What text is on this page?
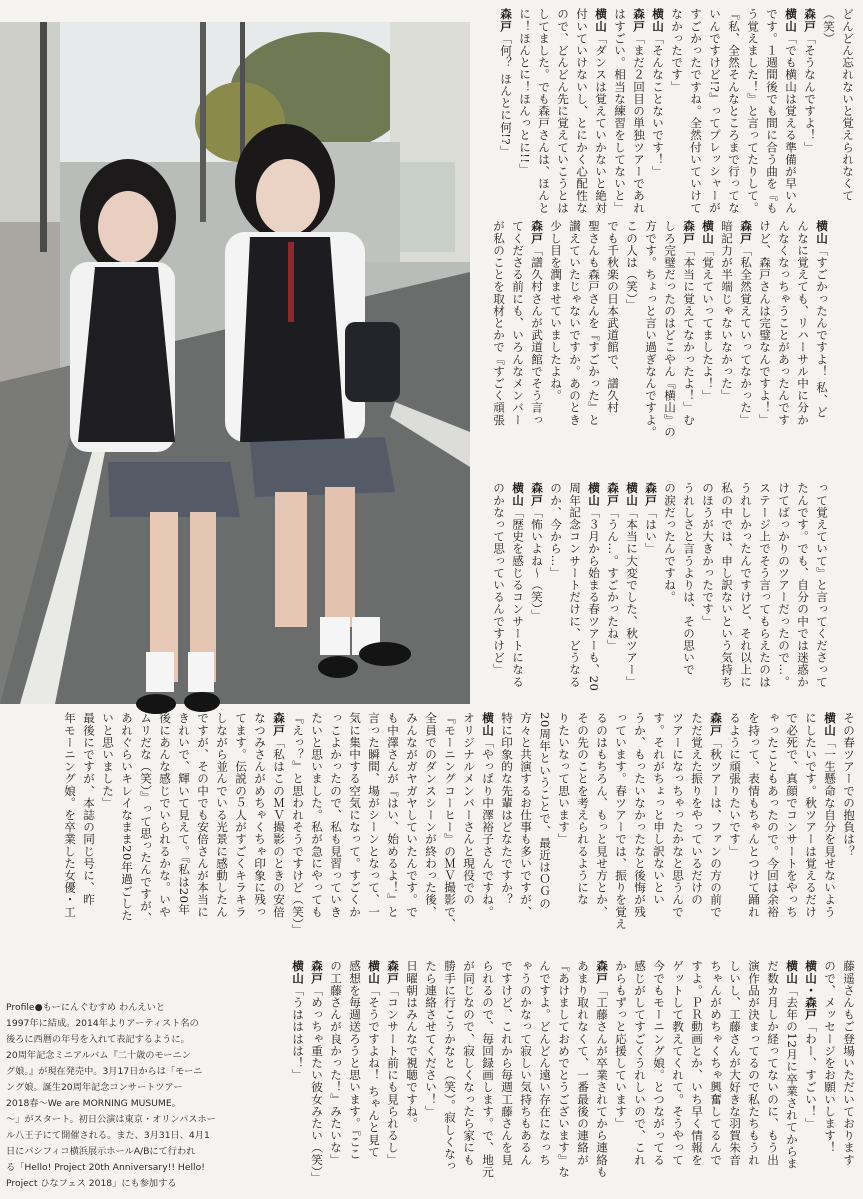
どんどん忘れないと覚えられなくて
（笑）
森戸「そうなんですよ！」
横山「でも横山は覚える準備が早いん
です。１週間後でも間に合う曲を『も
う覚えました！』と言ってたりして。
『私、全然そんなところまで行ってな
いんですけど!?』ってプレッシャーが
すごかったですね。全然付いていけて
なかったです」
横山「そんなことないです！」
森戸「まだ２回目の単独ツアーであれ
はすごい。相当な練習をしてないと」
横山「ダンスは覚えていかないと絶対
付いていけないし、とにかく心配性な
ので、どんどん先に覚えていこうとは
してました。でも森戸さんは、ほんと
に！ほんとに！ほんっとに!!」
森戸「何？ ほんとに何!?」
横山「すごかったんですよ！ 私、ど
んなに覚えても、リハーサル中に分か
んなくなっちゃうことがあったんです
けど、森戸さんは完璧なんですよ！」
森戸「私全然覚えていってなかった」
暗記力が半端じゃないなかった」
横山「覚えていってましたよ！」
森戸「本当に覚えてなかったよ！」む
しろ完璧だったのはどこやん『横山』の
方です。ちょっと言い過ぎなんですよ。
この人は（笑）」
でも千秋楽の日本武道館で、譜久村
聖さんも森戸さんを『すごかった』と
讃えていたじゃないですか。あのとき
少し目を潤ませていましたよね。
森戸「譜久村さんが武道館でそう言っ
てくださる前にも、いろんなメンバー
が私のことを取材とかで『すごく頑張
って覚えていて』と言ってくださって
たんです。でも、自分の中では迷惑か
けてばっかりのツアーだったので…。
ステージ上でそう言ってもらえたのは
うれしかったんですけど、それ以上に
私の中では、申し訳ないという気持ち
のほうが大きかったです」
うれしさと言うよりは、その思いで
の涙だったんですね。
森戸「はい」
横山「本当に大変でした、秋ツアー」
森戸「うん…。すごかったね」
横山「３月から始まる春ツアーも、20
周年記念コンサートだけに、どうなる
のか、今から…」
森戸「怖いよね〜（笑）」
横山「歴史を感じるコンサートになる
のかなって思っているんですけど」
その春ツアーでの抱負は？
横山「一生懸命な自分を見せないよう
にしたいです。秋ツアーは覚えるだけ
で必死で、真顔でコンサートをやっち
ゃったこともあったので。今回は余裕
を持って、表情もちゃんとつけて踊れ
るように頑張りたいです」
森戸「秋ツアーは、ファンの方の前で
ただ覚えた振りをやっているだけの
ツアーになっちゃったかなと思うんで
す。それがちょっと申し訳ないとい
うか、もったいなかったなと後悔が残
っています。春ツアーでは、振りを覚え
るのはもちろん、もっと見せ方とか、
その先のことを考えられるようにな
りたいなって思います」
20周年ということで、最近はＯＧの
方々と共演するお仕事も多いですが、
特に印象的な先輩はどなたですか？
横山「やっぱり中澤裕子さんですね。
オリジナルメンバーさんと現役での
『モーニングコーヒー』のＭＶ撮影で、
全員でのダンスシーンが終わった後、
みんながガヤガヤしていたんです。で
も中澤さんが『はい、始めるよ！』と
言った瞬間、場がシーンとなって、一
気に集中する空気になって。すごくか
っこよかったので、私も見習っていき
たいと思いました。私が急にやっても
『えっ？』と思われそうですけど（笑）」
森戸「私はこのＭＶ撮影のときの安倍
なつみさんがめちゃくちゃ印象に残っ
てます。伝説の５人がすごくキラキラ
しながら並んでいる光景に感動したん
ですが、その中でも安倍さんが本当に
きれいで、輝いて見えて。『私は20年
後にあんな感じでいられるかな。いや
ムリだな（笑）』って思ったんですが、
あれぐらいキレイなまま20年過ごした
いと思いました」
最後にですが、本誌の同じ号に、昨
年モーニング娘。を卒業した女優・工
藤遥さんもご登場いただいております
ので、メッセージをお願いします！
横山・森戸「わー、すごい！」
横山「去年の12月に卒業されてからま
だ数カ月しか経ってないのに、もう出
演作品が決まってるので私たちもうれ
しいし、工藤さんが大好きな羽賀朱音
ちゃんがめちゃくちゃ興奮してるんで
すよ。ＰＲ動画とか、いち早く情報を
ゲットして教えてくれて。そうやって
今でもモーニング娘。とつながってる
感じがしてすごくうれしいので、これ
からもずっと応援しています」
森戸「工藤さんが卒業されてから連絡も
あまり取れなくて、一番最後の連絡が
『あけましておめでとうございます』な
んですよ。どんどん遠い存在になっち
ゃうのかなって寂しい気持ちもあるん
ですけど、これから毎週工藤さんを見
られるので、毎回録画します。で、地元
が同じなので、寂しくなったら家にも
勝手に行こうかなと（笑）。寂しくなっ
たら連絡させてください！」
日曜朝はみんなで視聴ですね。
森戸「コンサート前にも見られるし」
横山「そうですよね！ ちゃんと見て
感想を毎週送ろうと思います。『ここ
の工藤さんが良かった！』みたいな」
森戸「めっちゃ重たい彼女みたい（笑）」
横山「うはははは！」

Profile●もーにんぐむすめ わんえいと

1997年に結成。2014年よりアーティスト名の

後ろに西暦の年号を入れて表記するように。

20周年記念ミニアルバム『二十歳のモーニン

グ娘。』が現在発売中。3月17日からは「モーニ

ング娘。誕生20周年記念コンサートツアー

2018春〜We are MORNING MUSUME。

〜」がスタート。初日公演は東京・オリンパスホー

ル八王子にて開催される。また、3月31日、4月1

日にパシフィコ横浜展示ホールA/Bにて行われ

る「Hello! Project 20th Anniversary!! Hello!

Project ひなフェス 2018」にも参加する
